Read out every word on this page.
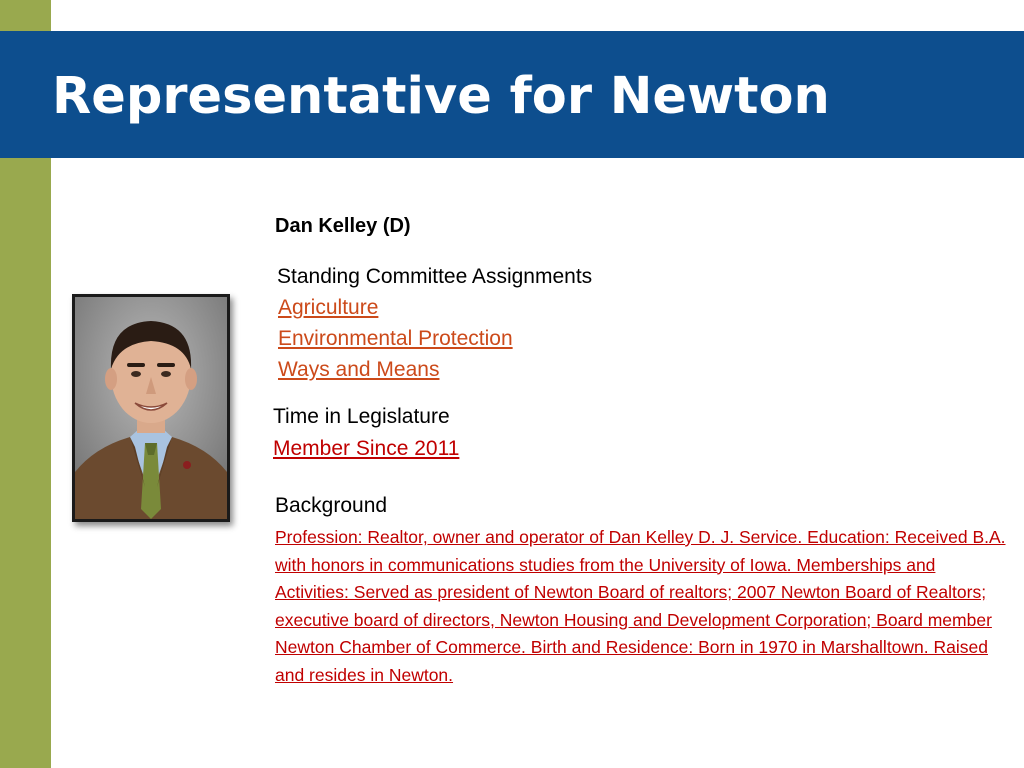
Representative for Newton
Dan Kelley (D)
Standing Committee Assignments
Agriculture
Environmental Protection
Ways and Means
Time in Legislature
Member Since 2011
Background
Profession: Realtor, owner and operator of Dan Kelley D. J. Service. Education: Received B.A. with honors in communications studies from the University of Iowa. Memberships and Activities: Served as president of Newton Board of realtors; 2007 Newton Board of Realtors; executive board of directors, Newton Housing and Development Corporation; Board member Newton Chamber of Commerce. Birth and Residence: Born in 1970 in Marshalltown. Raised and resides in Newton.
